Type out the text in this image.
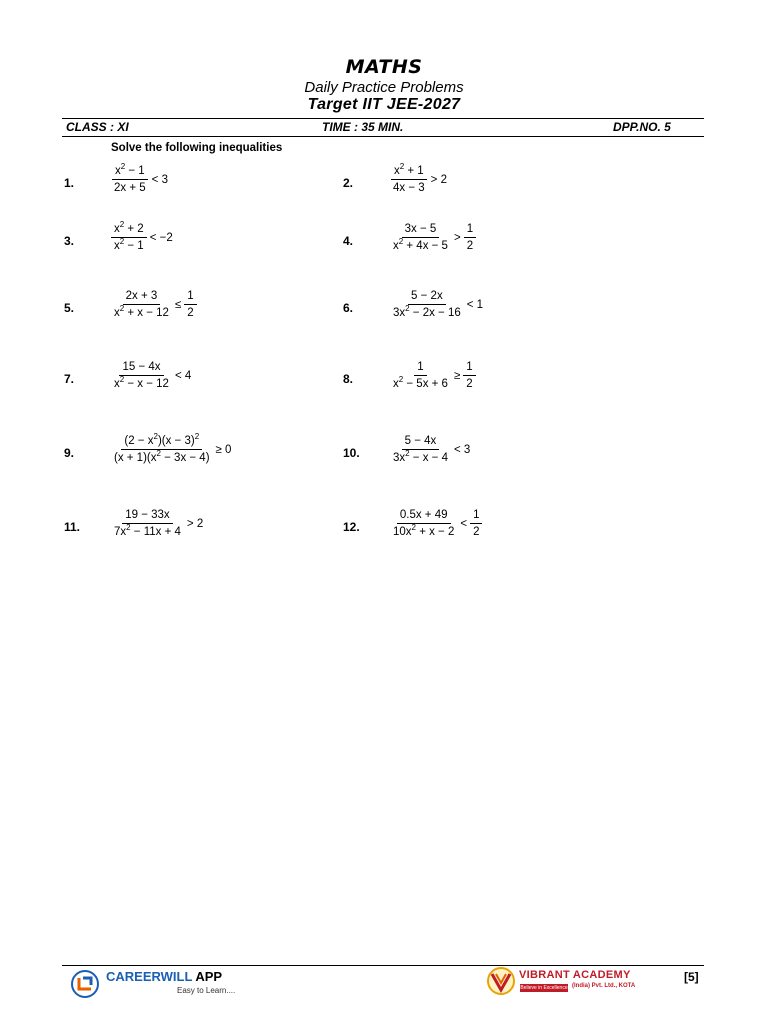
MATHS
Daily Practice Problems
Target IIT JEE-2027
CLASS : XI	TIME : 35 MIN.	DPP.NO. 5
Solve the following inequalities
1.	$\frac{x^2 - 1}{2x + 5} < 3$	2.	$\frac{x^2 + 1}{4x - 3} > 2$
3.	$\frac{x^2 + 2}{x^2 - 1} < -2$	4.	$\frac{3x - 5}{x^2 + 4x - 5} > \frac{1}{2}$
5.	$\frac{2x + 3}{x^2 + x - 12} \le \frac{1}{2}$	6.	$\frac{5 - 2x}{3x^2 - 2x - 16} < 1$
7.	$\frac{15 - 4x}{x^2 - x - 12} < 4$	8.	$\frac{1}{x^2 - 5x + 6} \ge \frac{1}{2}$
9.	$\frac{(2 - x^2)(x - 3)^2}{(x + 1)(x^2 - 3x - 4)} \ge 0$	10.	$\frac{5 - 4x}{3x^2 - x - 4} < 3$
11.	$\frac{19 - 33x}{7x^2 - 11x + 4} > 2$	12.	$\frac{0.5x + 49}{10x^2 + x - 2} < \frac{1}{2}$
CAREERWILL APP
Easy to Learn....
VIBRANT ACADEMY
Believe in Excellence (India) Pvt. Ltd., KOTA
[5]
